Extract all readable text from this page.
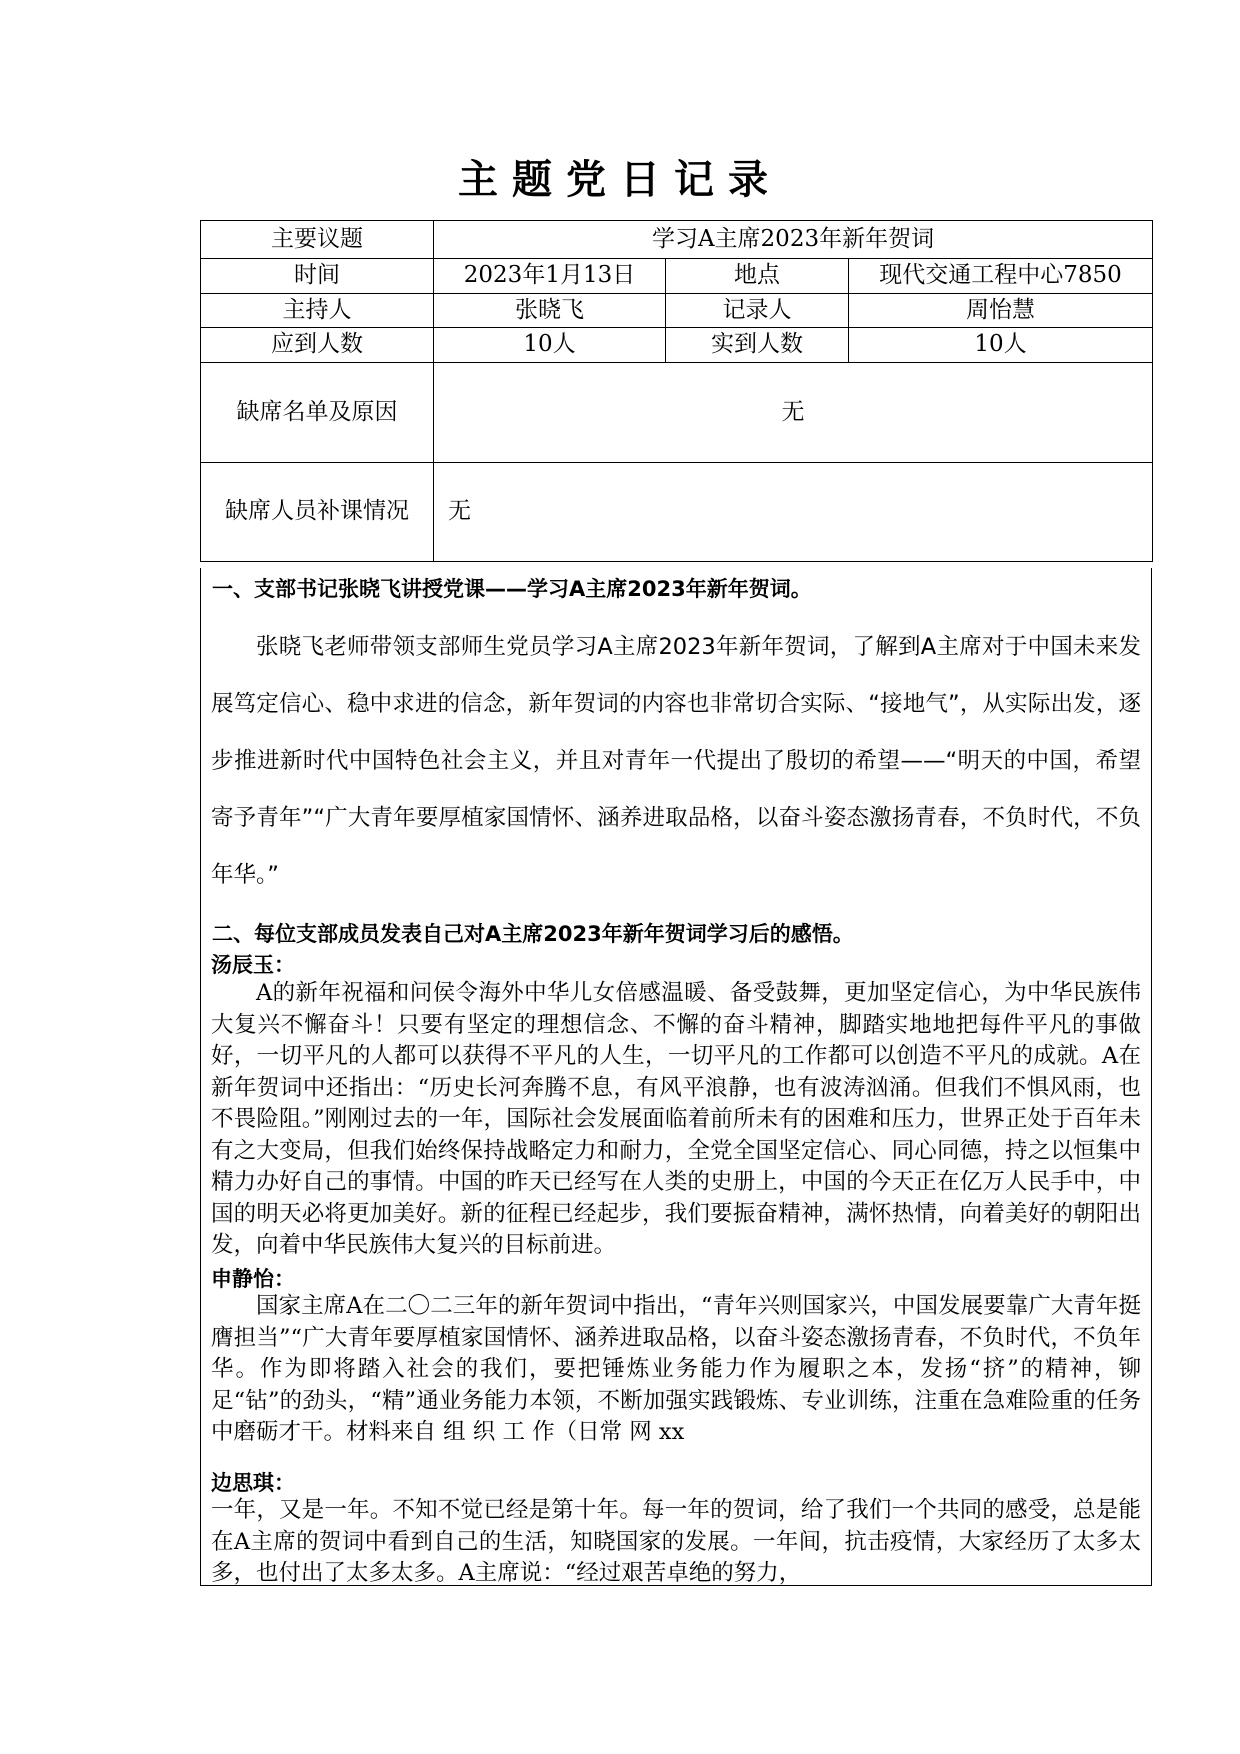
主题党日记录
主要议题	学习A主席2023年新年贺词		
时间	2023年1月13日	地点	现代交通工程中心7850
主持人	张晓飞	记录人	周怡慧
应到人数	10人	实到人数	10人
缺席名单及原因	无		
缺席人员补课情况	无		
一、支部书记张晓飞讲授党课——学习A主席2023年新年贺词。

张晓飞老师带领支部师生党员学习A主席2023年新年贺词，了解到A主席对于中国未来发展笃定信心、稳中求进的信念，新年贺词的内容也非常切合实际、“接地气”，从实际出发，逐步推进新时代中国特色社会主义，并且对青年一代提出了殷切的希望——“明天的中国，希望寄予青年”“广大青年要厚植家国情怀、涵养进取品格，以奋斗姿态激扬青春，不负时代，不负年华。”

二、每位支部成员发表自己对A主席2023年新年贺词学习后的感悟。
汤辰玉：

A的新年祝福和问侯令海外中华儿女倍感温暖、备受鼓舞，更加坚定信心，为中华民族伟大复兴不懈奋斗！只要有坚定的理想信念、不懈的奋斗精神，脚踏实地地把每件平凡的事做好，一切平凡的人都可以获得不平凡的人生，一切平凡的工作都可以创造不平凡的成就。A在新年贺词中还指出：“历史长河奔腾不息，有风平浪静，也有波涛汹涌。但我们不惧风雨，也不畏险阻。”刚刚过去的一年，国际社会发展面临着前所未有的困难和压力，世界正处于百年未有之大变局，但我们始终保持战略定力和耐力，全党全国坚定信心、同心同德，持之以恒集中精力办好自己的事情。中国的昨天已经写在人类的史册上，中国的今天正在亿万人民手中，中国的明天必将更加美好。新的征程已经起步，我们要振奋精神，满怀热情，向着美好的朝阳出发，向着中华民族伟大复兴的目标前进。

申静怡：

国家主席A在二〇二三年的新年贺词中指出，“青年兴则国家兴，中国发展要靠广大青年挺膺担当”“广大青年要厚植家国情怀、涵养进取品格，以奋斗姿态激扬青春，不负时代，不负年华。作为即将踏入社会的我们，要把锤炼业务能力作为履职之本，发扬“挤”的精神，铆足“钻”的劲头，“精”通业务能力本领，不断加强实践锻炼、专业训练，注重在急难险重的任务中磨砺才干。材料来自 组 织 工 作（日常 网 xx

边思琪：

一年，又是一年。不知不觉已经是第十年。每一年的贺词，给了我们一个共同的感受，总是能在A主席的贺词中看到自己的生活，知晓国家的发展。一年间，抗击疫情，大家经历了太多太多，也付出了太多太多。A主席说：“经过艰苦卓绝的努力，
